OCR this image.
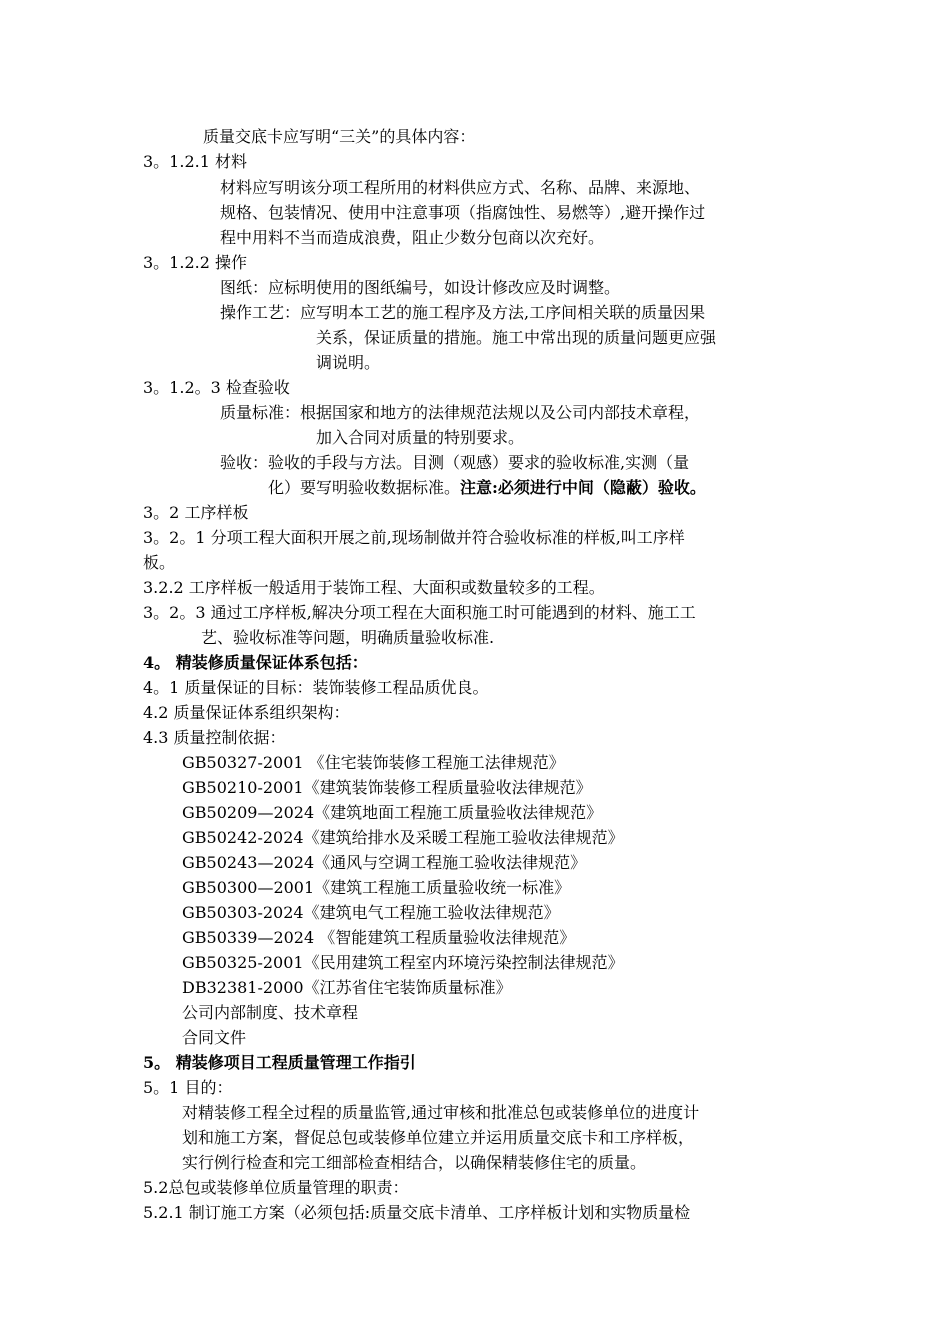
质量交底卡应写明“三关”的具体内容：
3。1.2.1 材料
材料应写明该分项工程所用的材料供应方式、名称、品牌、来源地、
规格、包装情况、使用中注意事项（指腐蚀性、易燃等）,避开操作过
程中用料不当而造成浪费，阻止少数分包商以次充好。
3。1.2.2 操作
图纸：应标明使用的图纸编号，如设计修改应及时调整。
操作工艺：应写明本工艺的施工程序及方法,工序间相关联的质量因果
关系，保证质量的措施。施工中常出现的质量问题更应强
调说明。
3。1.2。3 检查验收
质量标准：根据国家和地方的法律规范法规以及公司内部技术章程，
加入合同对质量的特别要求。
验收：验收的手段与方法。目测（观感）要求的验收标准,实测（量
化）要写明验收数据标准。注意:必须进行中间（隐蔽）验收。
3。2 工序样板
3。2。1 分项工程大面积开展之前,现场制做并符合验收标准的样板,叫工序样
板。
3.2.2 工序样板一般适用于装饰工程、大面积或数量较多的工程。
3。2。3 通过工序样板,解决分项工程在大面积施工时可能遇到的材料、施工工
艺、验收标准等问题，明确质量验收标准.
4。 精装修质量保证体系包括：
4。1 质量保证的目标：装饰装修工程品质优良。
4.2 质量保证体系组织架构：
4.3 质量控制依据：
GB50327-2001 《住宅装饰装修工程施工法律规范》
GB50210-2001《建筑装饰装修工程质量验收法律规范》
GB50209—2024《建筑地面工程施工质量验收法律规范》
GB50242-2024《建筑给排水及采暖工程施工验收法律规范》
GB50243—2024《通风与空调工程施工验收法律规范》
GB50300—2001《建筑工程施工质量验收统一标准》
GB50303-2024《建筑电气工程施工验收法律规范》
GB50339—2024 《智能建筑工程质量验收法律规范》
GB50325-2001《民用建筑工程室内环境污染控制法律规范》
DB32381-2000《江苏省住宅装饰质量标准》
公司内部制度、技术章程
合同文件
5。 精装修项目工程质量管理工作指引
5。1 目的：
对精装修工程全过程的质量监管,通过审核和批准总包或装修单位的进度计
划和施工方案，督促总包或装修单位建立并运用质量交底卡和工序样板，
实行例行检查和完工细部检查相结合，以确保精装修住宅的质量。
5.2总包或装修单位质量管理的职责：
5.2.1 制订施工方案（必须包括:质量交底卡清单、工序样板计划和实物质量检
